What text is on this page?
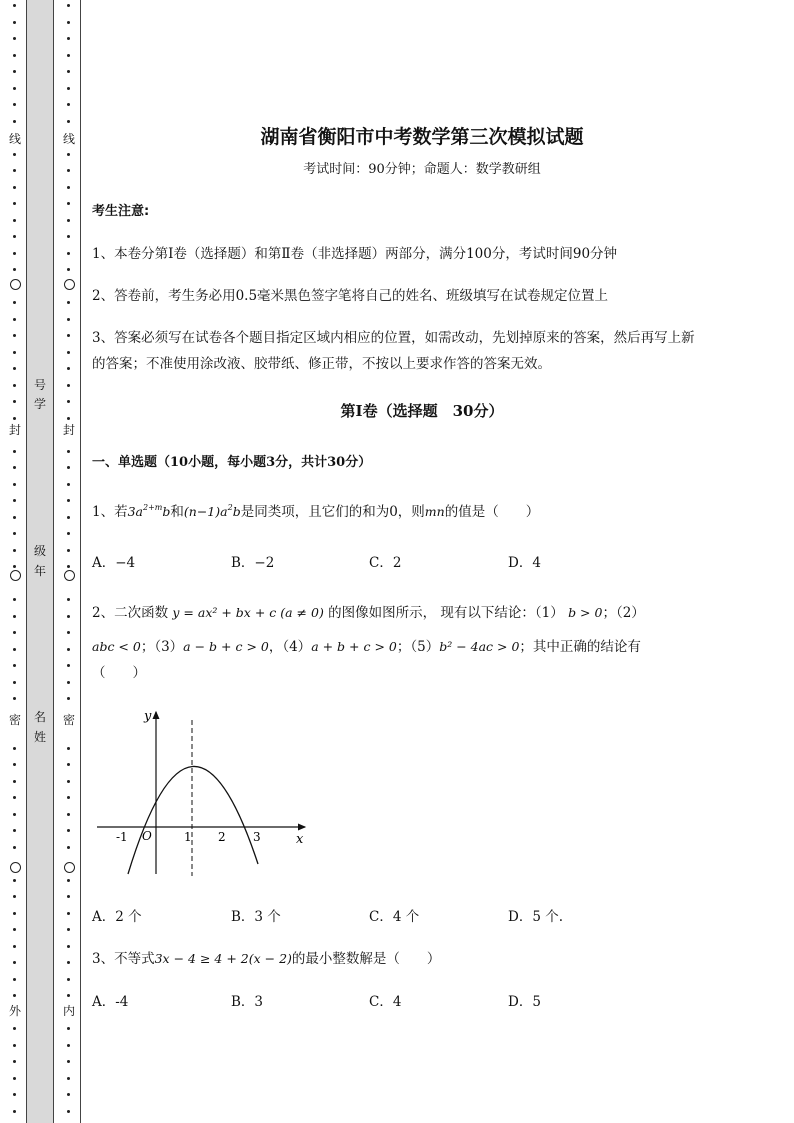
线
封
密
外
线
封
密
内
号
学
级
年
名
姓
湖南省衡阳市中考数学第三次模拟试题
考试时间：90分钟；命题人：数学教研组
考生注意:
1、本卷分第I卷（选择题）和第Ⅱ卷（非选择题）两部分，满分100分，考试时间90分钟
2、答卷前，考生务必用0.5毫米黑色签字笔将自己的姓名、班级填写在试卷规定位置上
3、答案必须写在试卷各个题目指定区域内相应的位置，如需改动，先划掉原来的答案，然后再写上新
的答案；不准使用涂改液、胶带纸、修正带，不按以上要求作答的答案无效。
第I卷（选择题　30分）
一、单选题（10小题，每小题3分，共计30分）
1、若$3a^{2+m}b$和$(n-1)a^2b$是同类项，且它们的和为0，则mn的值是（　　）
A．−4	B．−2	C．2	D．4
2、二次函数 y = ax² + bx + c (a ≠ 0) 的图像如图所示， 现有以下结论：（1） b > 0；（2）
abc < 0；（3）a − b + c > 0，（4）a + b + c > 0；（5）b² − 4ac > 0；其中正确的结论有
（　　）
y
x
O
-1	1 2 3
A．2 个	B．3 个	C．4 个	D．5 个.
3、不等式3x − 4 ≥ 4 + 2(x − 2)的最小整数解是（　　）
A．-4	B．3	C．4	D．5
